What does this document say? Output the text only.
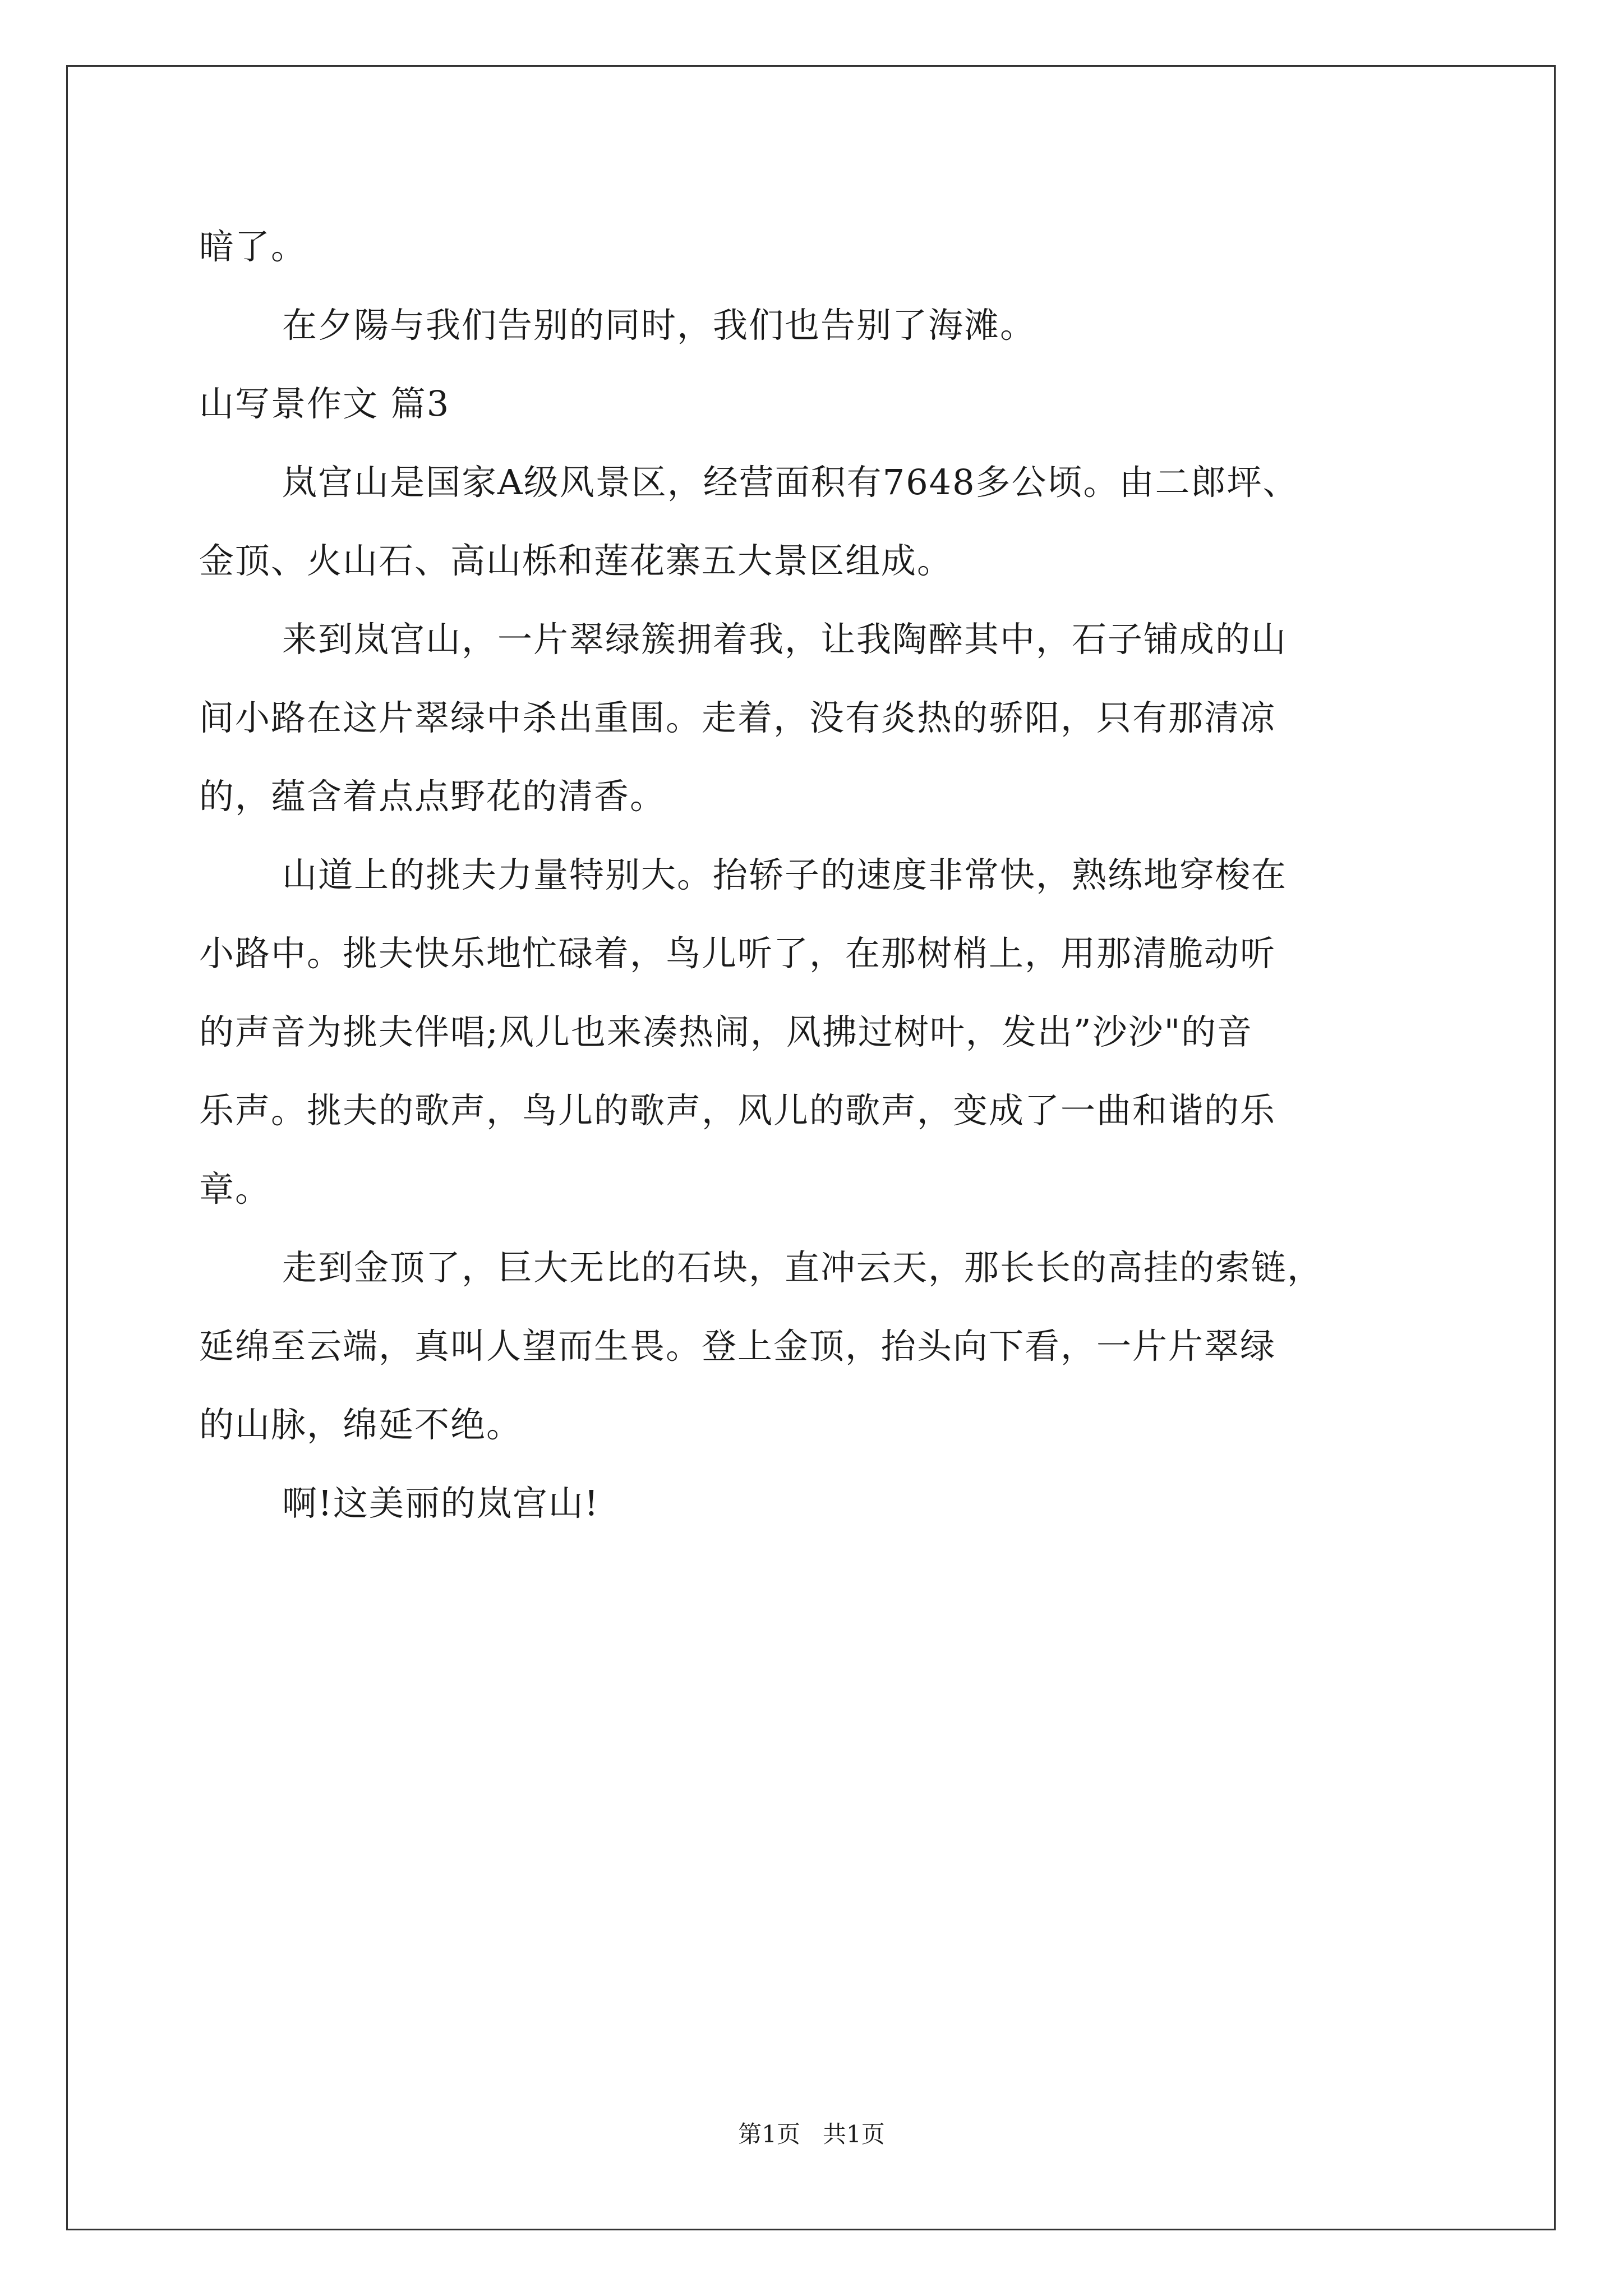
暗了。
在夕陽与我们告别的同时，我们也告别了海滩。
山写景作文 篇3
岚宫山是国家A级风景区，经营面积有7648多公顷。由二郎坪、
金顶、火山石、高山栎和莲花寨五大景区组成。
来到岚宫山，一片翠绿簇拥着我，让我陶醉其中，石子铺成的山
间小路在这片翠绿中杀出重围。走着，没有炎热的骄阳，只有那清凉
的，蕴含着点点野花的清香。
山道上的挑夫力量特别大。抬轿子的速度非常快，熟练地穿梭在
小路中。挑夫快乐地忙碌着，鸟儿听了，在那树梢上，用那清脆动听
的声音为挑夫伴唱;风儿也来凑热闹，风拂过树叶，发出”沙沙"的音
乐声。挑夫的歌声，鸟儿的歌声，风儿的歌声，变成了一曲和谐的乐
章。
走到金顶了，巨大无比的石块，直冲云天，那长长的高挂的索链，
延绵至云端，真叫人望而生畏。登上金顶，抬头向下看，一片片翠绿
的山脉，绵延不绝。
啊!这美丽的岚宫山!
第1页 共1页
